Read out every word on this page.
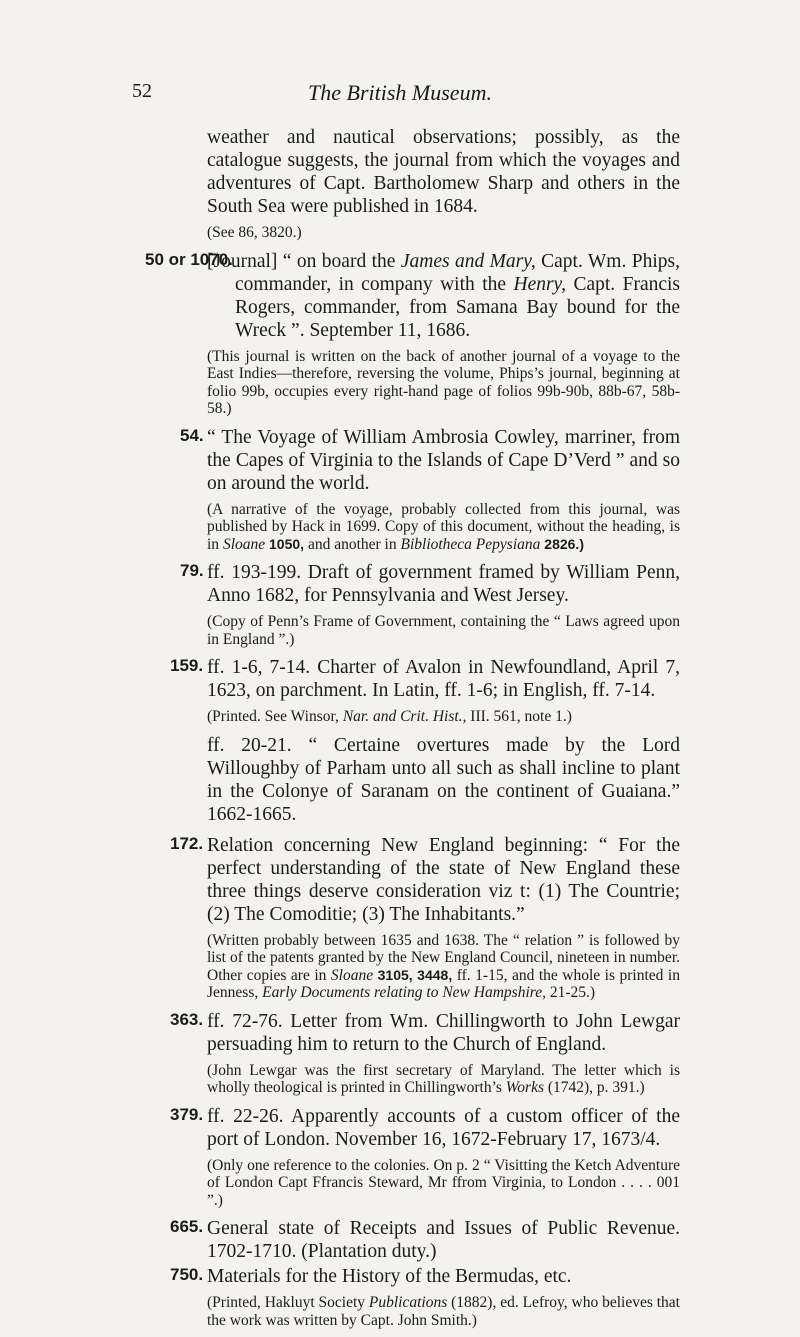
52	The British Museum.
weather and nautical observations; possibly, as the catalogue suggests, the journal from which the voyages and adventures of Capt. Bartholomew Sharp and others in the South Sea were published in 1684.
(See 86, 3820.)
50 or 1070.
[Journal] “ on board the James and Mary, Capt. Wm. Phips, commander, in company with the Henry, Capt. Francis Rogers, commander, from Samana Bay bound for the Wreck ”. September 11, 1686.
(This journal is written on the back of another journal of a voyage to the East Indies—therefore, reversing the volume, Phips’s journal, beginning at folio 99b, occupies every right-hand page of folios 99b-90b, 88b-67, 58b-58.)
54. “ The Voyage of William Ambrosia Cowley, marriner, from the Capes of Virginia to the Islands of Cape D’Verd ” and so on around the world.
(A narrative of the voyage, probably collected from this journal, was published by Hack in 1699. Copy of this document, without the heading, is in Sloane 1050, and another in Bibliotheca Pepysiana 2826.)
79. ff. 193-199. Draft of government framed by William Penn, Anno 1682, for Pennsylvania and West Jersey.
(Copy of Penn’s Frame of Government, containing the “ Laws agreed upon in England ”.)
159. ff. 1-6, 7-14. Charter of Avalon in Newfoundland, April 7, 1623, on parchment. In Latin, ff. 1-6; in English, ff. 7-14.
(Printed. See Winsor, Nar. and Crit. Hist., III. 561, note 1.)
ff. 20-21. “ Certaine overtures made by the Lord Willoughby of Parham unto all such as shall incline to plant in the Colonye of Saranam on the continent of Guaiana.” 1662-1665.
172. Relation concerning New England beginning: “ For the perfect understanding of the state of New England these three things deserve consideration viz t: (1) The Countrie; (2) The Comoditie; (3) The Inhabitants.”
(Written probably between 1635 and 1638. The “ relation ” is followed by list of the patents granted by the New England Council, nineteen in number. Other copies are in Sloane 3105, 3448, ff. 1-15, and the whole is printed in Jenness, Early Documents relating to New Hampshire, 21-25.)
363. ff. 72-76. Letter from Wm. Chillingworth to John Lewgar persuading him to return to the Church of England.
(John Lewgar was the first secretary of Maryland. The letter which is wholly theological is printed in Chillingworth’s Works (1742), p. 391.)
379. ff. 22-26. Apparently accounts of a custom officer of the port of London. November 16, 1672-February 17, 1673/4.
(Only one reference to the colonies. On p. 2 “ Visitting the Ketch Adventure of London Capt Ffrancis Steward, Mr ffrom Virginia, to London . . . . 001 ”.)
665. General state of Receipts and Issues of Public Revenue. 1702-1710. (Plantation duty.)
750. Materials for the History of the Bermudas, etc.
(Printed, Hakluyt Society Publications (1882), ed. Lefroy, who believes that the work was written by Capt. John Smith.)
